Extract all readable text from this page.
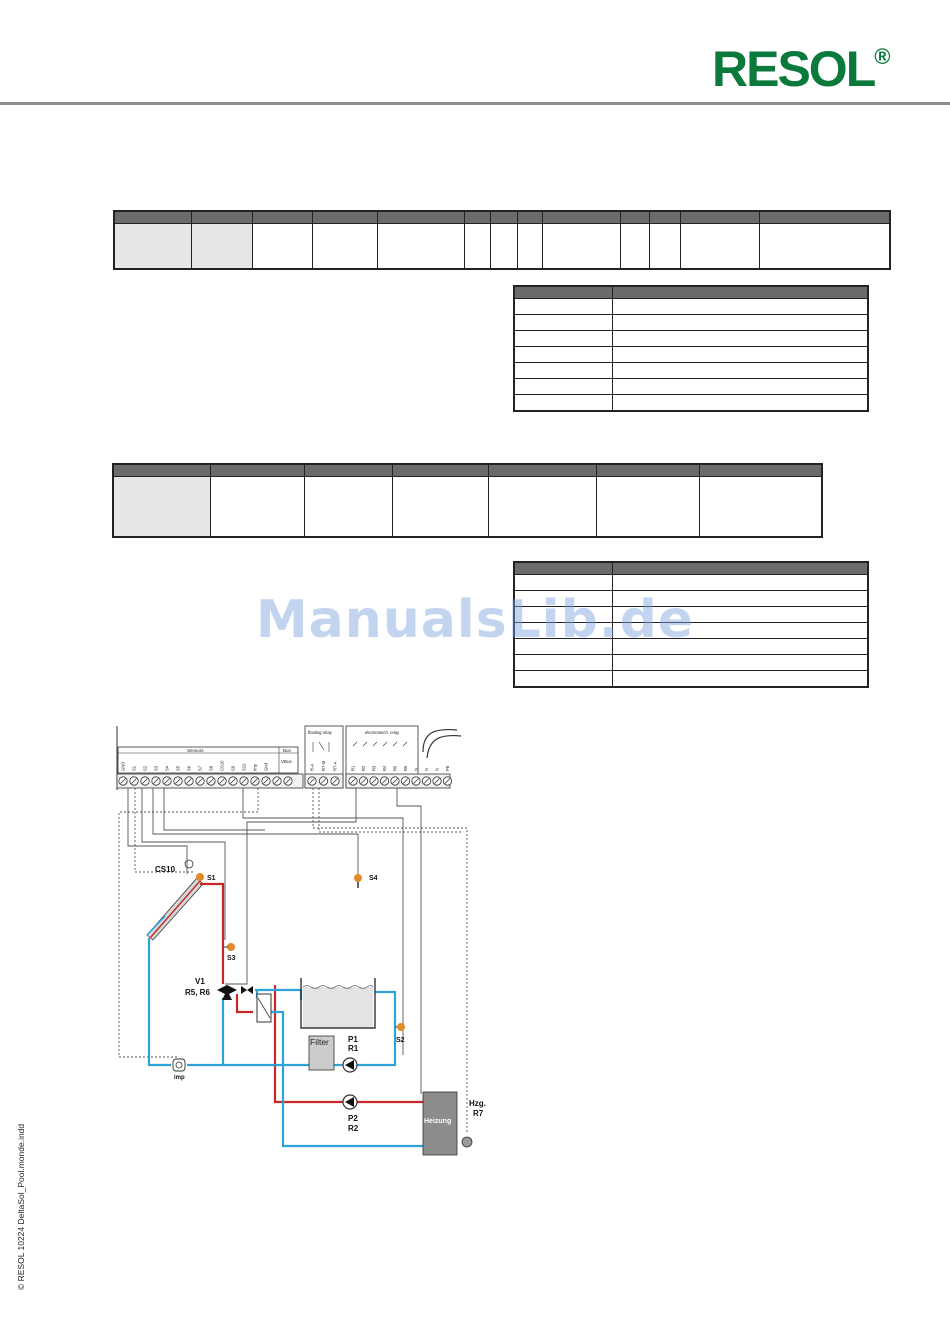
RESOL®

ManualsLib.de
Sensors	Bus
VBus
GND S1 S2 S3 S4 S5 S6 S7 S8 CS10 S9 S10 Imp Gnd
floating relay
R-A R7-M R7-A
electromech. relay
R1 R2 R3 R4 R5 R6 N N N PE
CS10
S1
S3
S4
V1
R5, R6
S2
Filter P1
R1
P2
R2
Heizung
Hzg.
R7
imp
© RESOL 10224 DeltaSol_Pool.monde.indd
